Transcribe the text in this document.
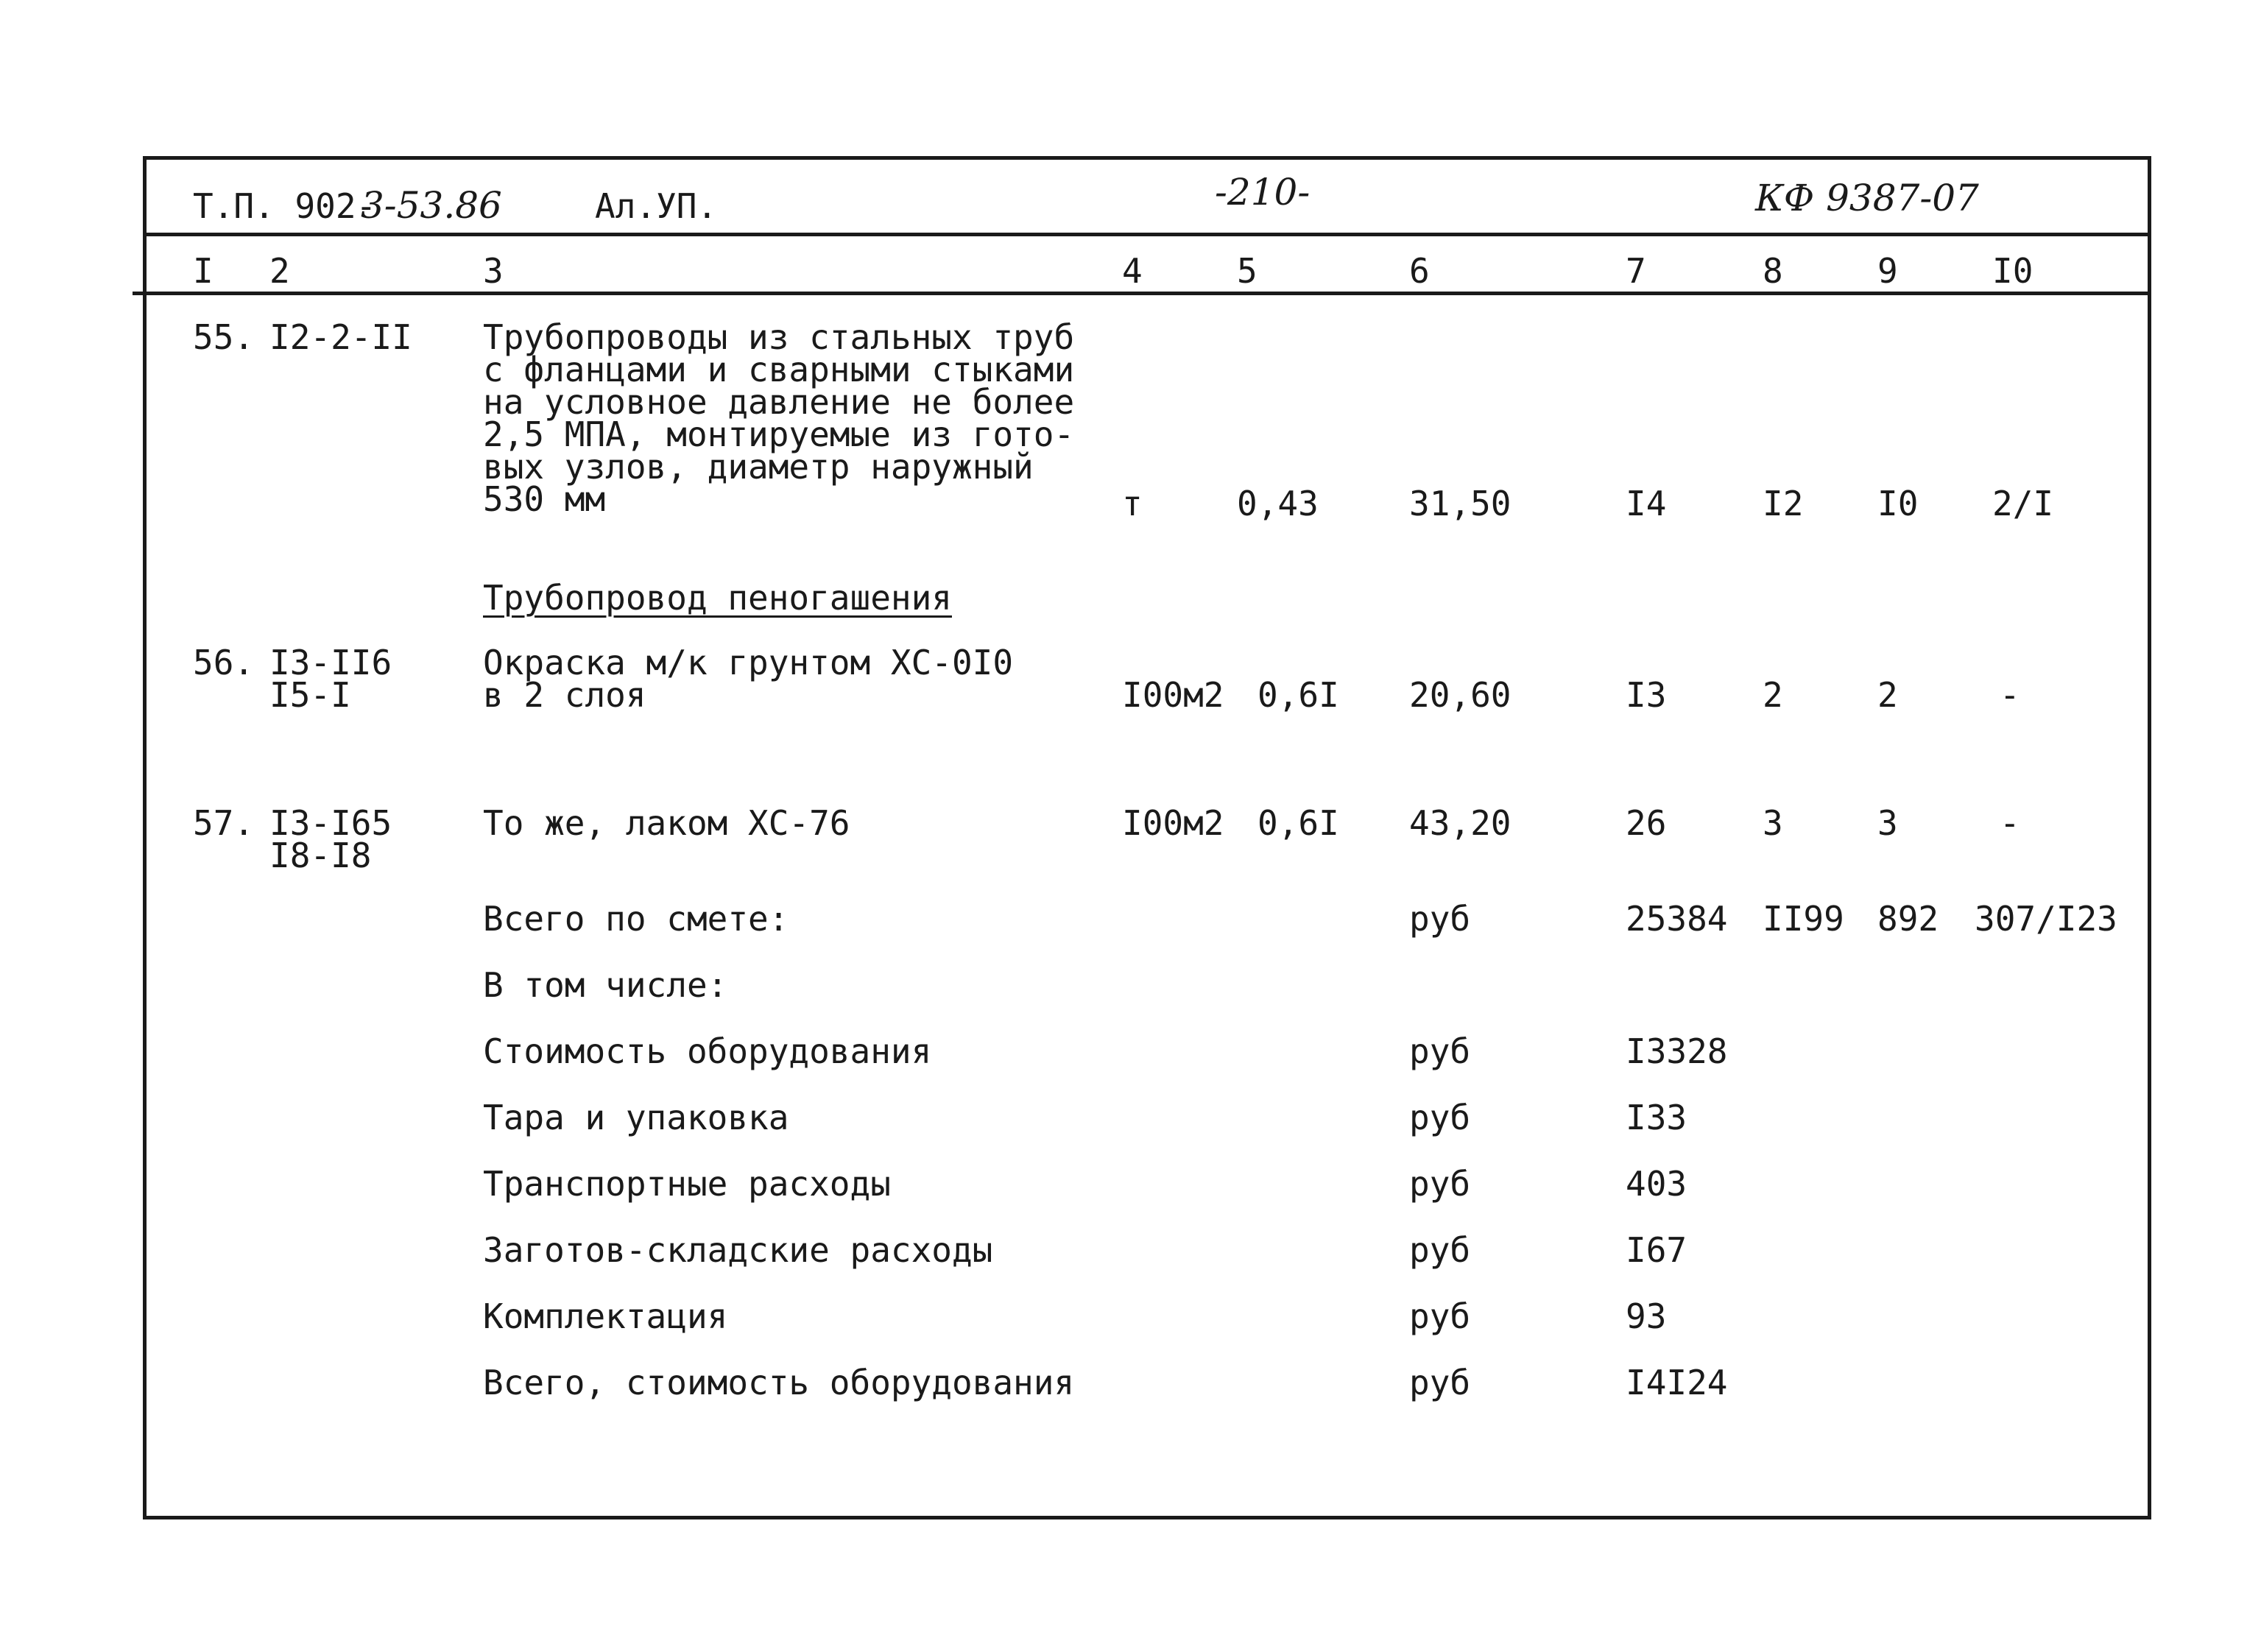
Т.П. 902-
3-53.86	Ал.УП.	-210-	КФ 9387-07
I 2	3	4	5	6	7	8	9	I0
55. I2-2-II Трубопроводы из стальных труб
с фланцами и сварными стыками
на условное давление не более
2,5 МПА, монтируемые из гото-
вых узлов, диаметр наружный
530 мм	т	0,43	31,50	I4	I2 I0 2/I
Трубопровод пеногашения
56. I3-II6
I5-I
Окраска м/к грунтом ХС-0I0
в 2 слоя	I00м2 0,6I 20,60	I3	2	2	-
57. I3-I65
I8-I8
То же, лаком ХС-76	I00м2 0,6I 43,20	26	3	3	-
Всего по смете:	руб	25384 II99 892 307/I23
В том числе:
Стоимость оборудования	руб	I3328
Тара и упаковка	руб	I33
Транспортные расходы	руб	403
Заготов-складские расходы	руб	I67
Комплектация	руб	93
Всего, стоимость оборудования	руб	I4I24
